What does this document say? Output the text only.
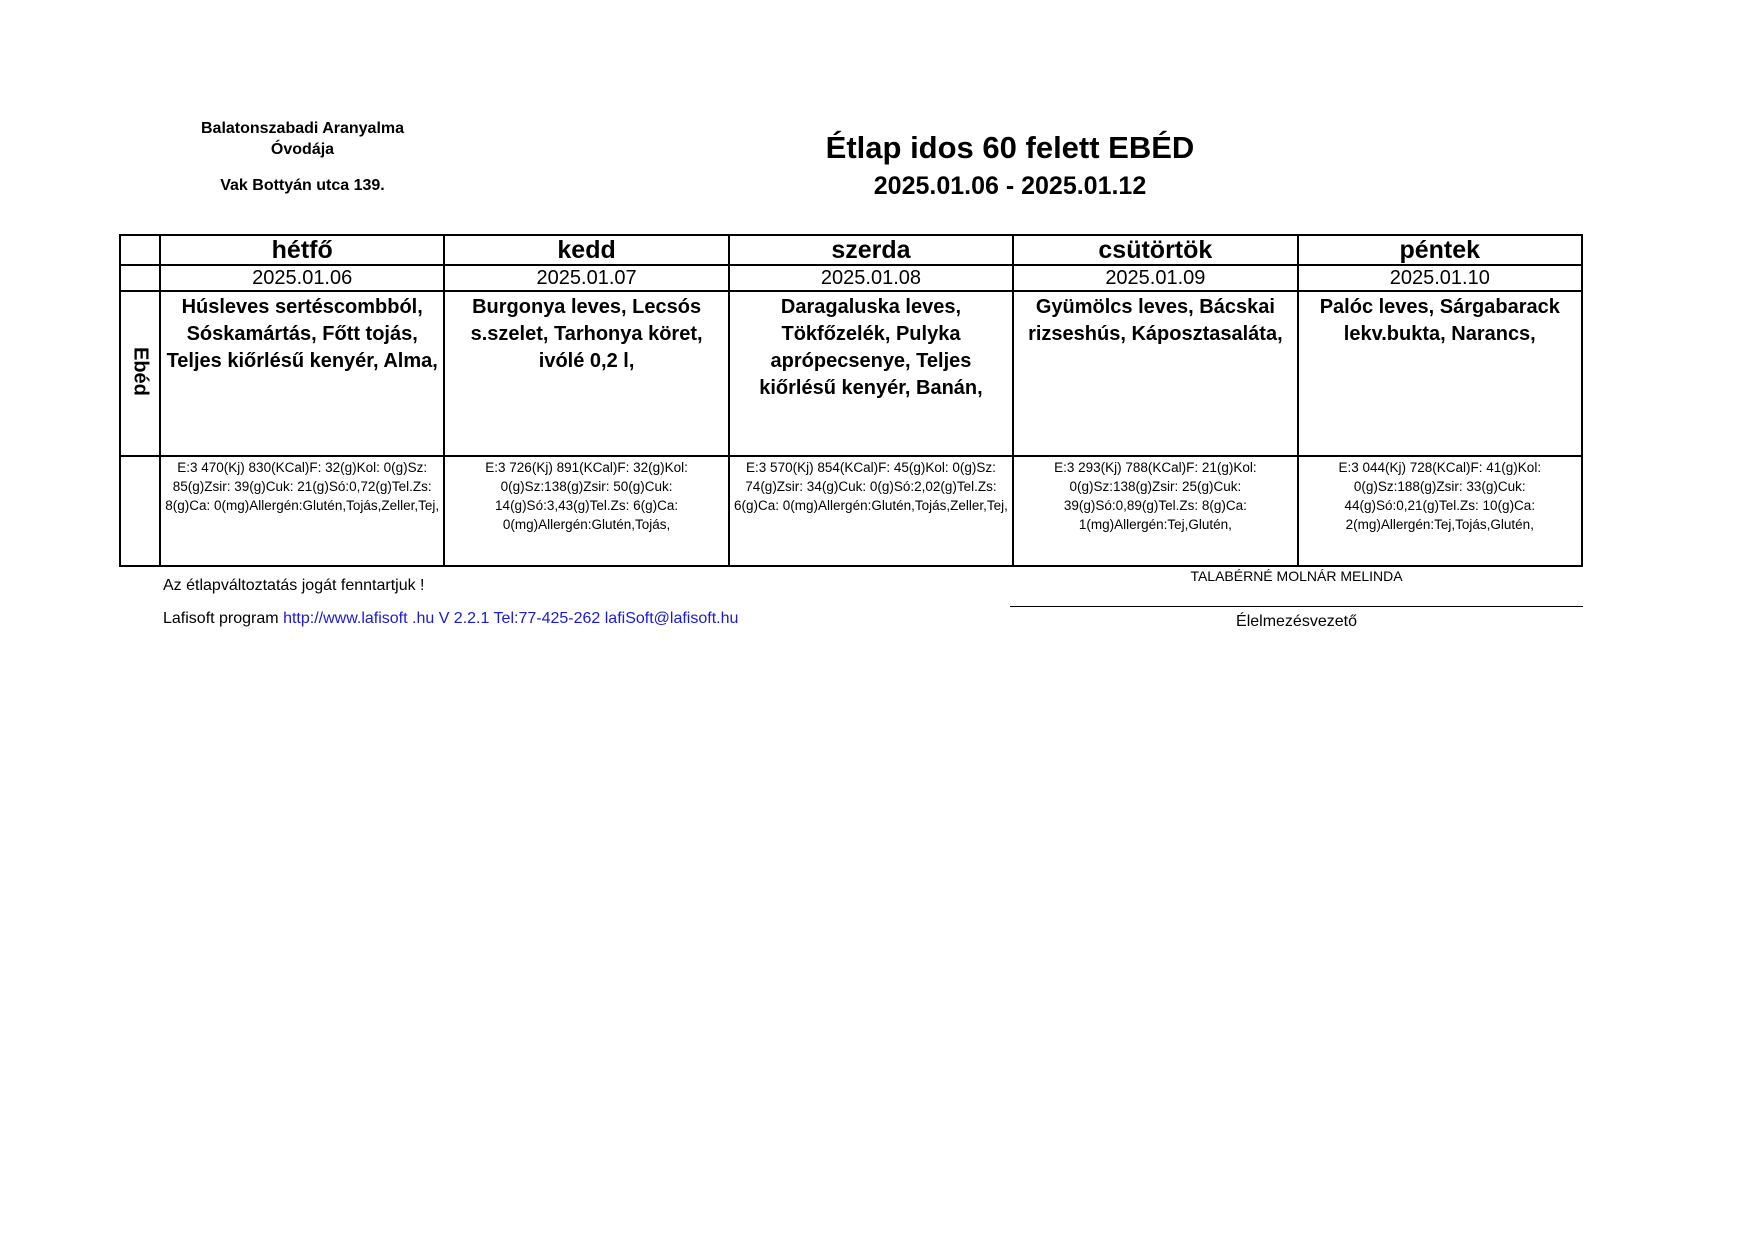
Balatonszabadi Aranyalma
Óvodája
Vak Bottyán utca 139.
Étlap idos 60 felett EBÉD
2025.01.06 - 2025.01.12
	hétfő	kedd	szerda	csütörtök	péntek
	2025.01.06	2025.01.07	2025.01.08	2025.01.09	2025.01.10
Ebéd	Húsleves sertéscombból, Sóskamártás, Főtt tojás, Teljes kiőrlésű kenyér, Alma,	Burgonya leves, Lecsós s.szelet, Tarhonya köret, ivólé 0,2 l,	Daragaluska leves, Tökfőzelék, Pulyka aprópecsenye, Teljes kiőrlésű kenyér, Banán,	Gyümölcs leves, Bácskai rizseshús, Káposztasaláta,	Palóc leves, Sárgabarack lekv.bukta, Narancs,
	E:3 470(Kj) 830(KCal)F: 32(g)Kol: 0(g)Sz: 85(g)Zsir: 39(g)Cuk: 21(g)Só:0,72(g)Tel.Zs: 8(g)Ca: 0(mg)Allergén:Glutén,Tojás,Zeller,Tej,	E:3 726(Kj) 891(KCal)F: 32(g)Kol: 0(g)Sz:138(g)Zsir: 50(g)Cuk: 14(g)Só:3,43(g)Tel.Zs: 6(g)Ca: 0(mg)Allergén:Glutén,Tojás,	E:3 570(Kj) 854(KCal)F: 45(g)Kol: 0(g)Sz: 74(g)Zsir: 34(g)Cuk: 0(g)Só:2,02(g)Tel.Zs: 6(g)Ca: 0(mg)Allergén:Glutén,Tojás,Zeller,Tej,	E:3 293(Kj) 788(KCal)F: 21(g)Kol: 0(g)Sz:138(g)Zsir: 25(g)Cuk: 39(g)Só:0,89(g)Tel.Zs: 8(g)Ca: 1(mg)Allergén:Tej,Glutén,	E:3 044(Kj) 728(KCal)F: 41(g)Kol: 0(g)Sz:188(g)Zsir: 33(g)Cuk: 44(g)Só:0,21(g)Tel.Zs: 10(g)Ca: 2(mg)Allergén:Tej,Tojás,Glutén,
Az étlapváltoztatás jogát fenntartjuk !
Lafisoft program http://www.lafisoft .hu V 2.2.1 Tel:77-425-262 lafiSoft@lafisoft.hu
TALABÉRNÉ MOLNÁR MELINDA
Élelmezésvezető
